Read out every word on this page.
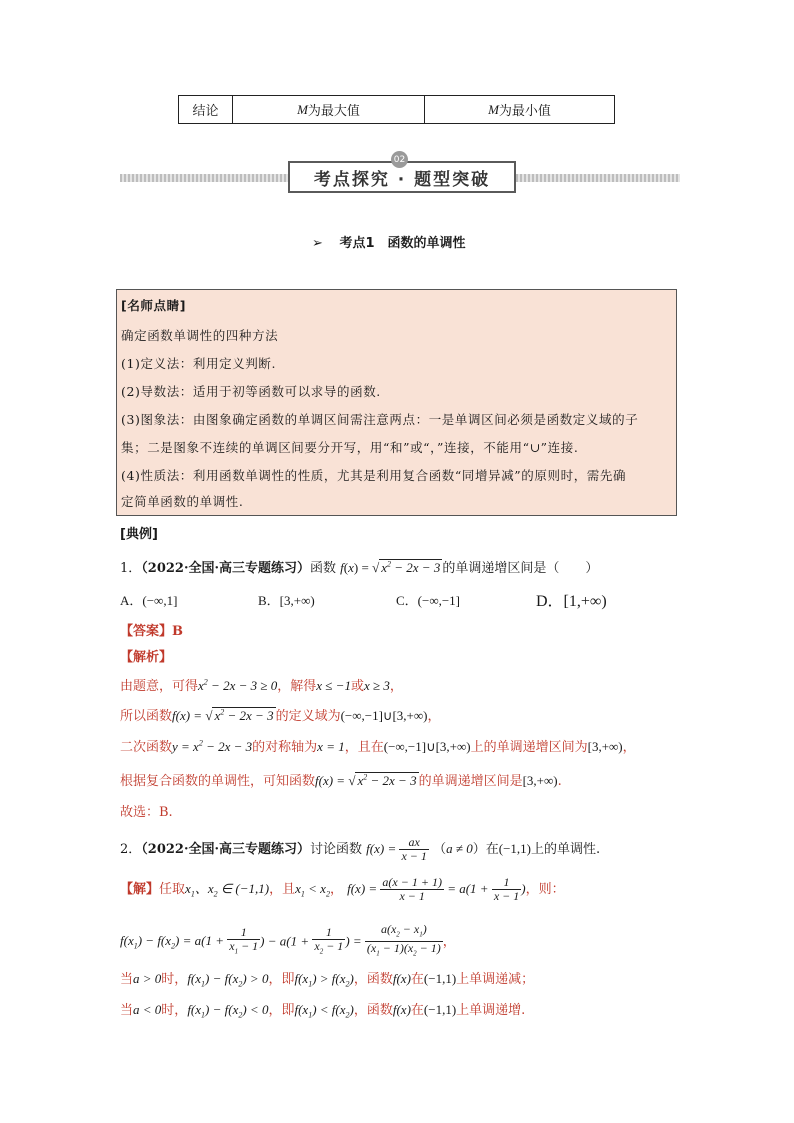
结论	M 为最大值	M 为最小值
考点探究 · 题型突破
02
➢ 考点1　函数的单调性
[名师点睛]
确定函数单调性的四种方法
(1)定义法：利用定义判断.
(2)导数法：适用于初等函数可以求导的函数.
(3)图象法：由图象确定函数的单调区间需注意两点：一是单调区间必须是函数定义域的子
集；二是图象不连续的单调区间要分开写，用“和”或“，”连接，不能用“∪”连接.
(4)性质法：利用函数单调性的性质，尤其是利用复合函数“同增异减”的原则时，需先确
定简单函数的单调性.
[典例]
1．（2022·全国·高三专题练习）函数 f(x) = √ $x^2 - 2x - 3$ 的单调递增区间是（　　）
A．(−∞,1]	B．[3,+∞)	C．(−∞,−1]	D．[1,+∞)
【答案】B
【解析】
由题意，可得$x^2 - 2x - 3 \ge 0$，解得x ≤ −1或x ≥ 3，
所以函数f(x) = √ $x^2 - 2x - 3$ 的定义域为(−∞,−1]∪[3,+∞)，
二次函数$y = x^2 - 2x - 3$的对称轴为x = 1，且在(−∞,−1]∪[3,+∞)上的单调递增区间为[3,+∞)，
根据复合函数的单调性，可知函数f(x) = √ $x^2 - 2x - 3$ 的单调递增区间是[3,+∞).
故选：B.
2．（2022·全国·高三专题练习）讨论函数 $f(x) = \frac{ax}{x - 1} (a \ne 0)$在(−1,1)上的单调性.
【解】任取$x_1$、$x_2$ ∈ (−1,1)，且$x_1 < x_2$， $f(x) = \frac{a(x - 1 + 1)}{x - 1} = a(1 + \frac{1}{x - 1}$ )，则：
$f(x_1) - f(x_2) = a(1 + \frac{1}{x_1 - 1}$ ) − $a(1 + \frac{1}{x_2 - 1}$ ) = $\frac{a(x_2 - x_1)}{(x_1 - 1)(x_2 - 1)}$ ，
当a > 0时，$f(x_1) - f(x_2) > 0$，即$f(x_1) > f(x_2)$，函数f(x)在(−1,1)上单调递减；
当a < 0时，$f(x_1) - f(x_2) < 0$，即$f(x_1) < f(x_2)$，函数f(x)在(−1,1)上单调递增.
